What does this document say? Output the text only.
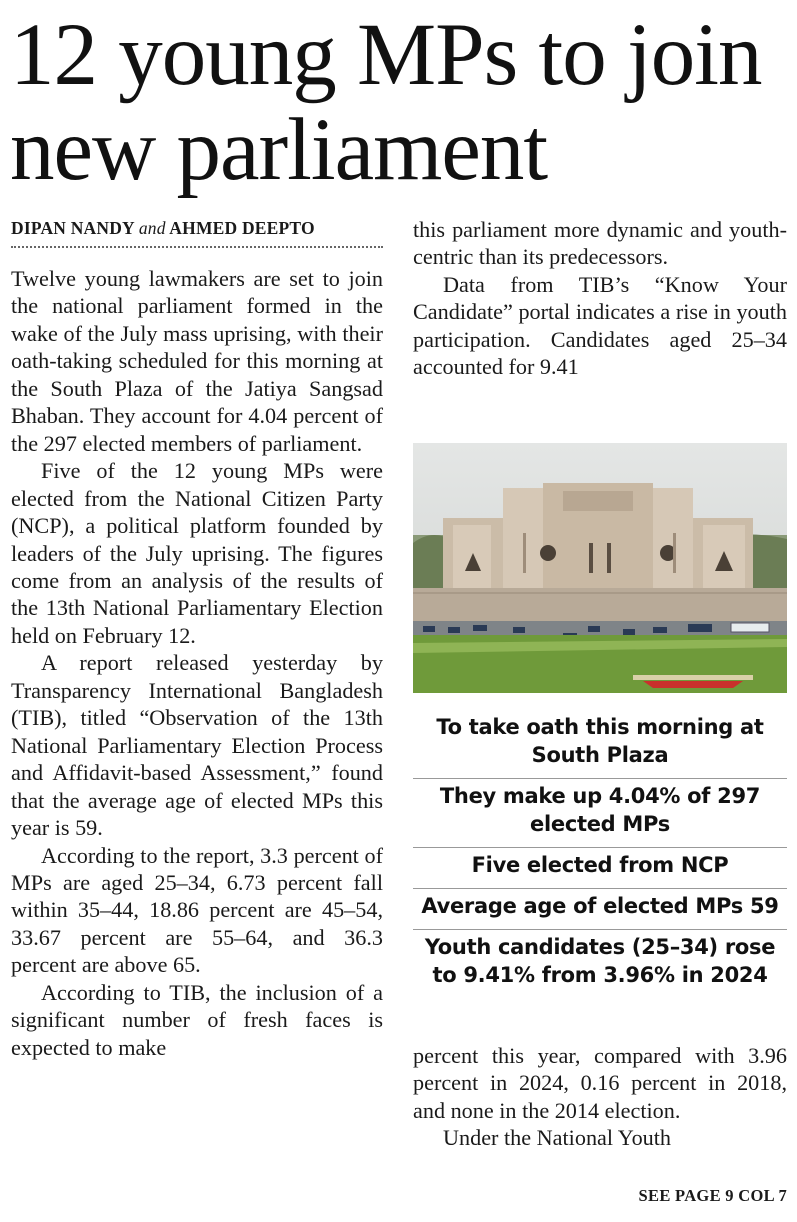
12 young MPs to join new parliament
DIPAN NANDY and AHMED DEEPTO

Twelve young lawmakers are set to join the national parliament formed in the wake of the July mass uprising, with their oath-taking scheduled for this morning at the South Plaza of the Jatiya Sangsad Bhaban. They account for 4.04 percent of the 297 elected members of parliament.

Five of the 12 young MPs were elected from the National Citizen Party (NCP), a political platform founded by leaders of the July uprising. The figures come from an analysis of the results of the 13th National Parliamentary Election held on February 12.

A report released yesterday by Transparency International Bangladesh (TIB), titled “Observation of the 13th National Parliamentary Election Process and Affidavit-based Assessment,” found that the average age of elected MPs this year is 59.

According to the report, 3.3 percent of MPs are aged 25–34, 6.73 percent fall within 35–44, 18.86 percent are 45–54, 33.67 percent are 55–64, and 36.3 percent are above 65.

According to TIB, the inclusion of a significant number of fresh faces is expected to make

this parliament more dynamic and youth-centric than its predecessors.

Data from TIB’s “Know Your Candidate” portal indicates a rise in youth participation. Candidates aged 25–34 accounted for 9.41

To take oath this morning at South Plaza
They make up 4.04% of 297 elected MPs
Five elected from NCP
Average age of elected MPs 59
Youth candidates (25–34) rose to 9.41% from 3.96% in 2024

percent this year, compared with 3.96 percent in 2024, 0.16 percent in 2018, and none in the 2014 election.

Under the National Youth

SEE PAGE 9 COL 7
